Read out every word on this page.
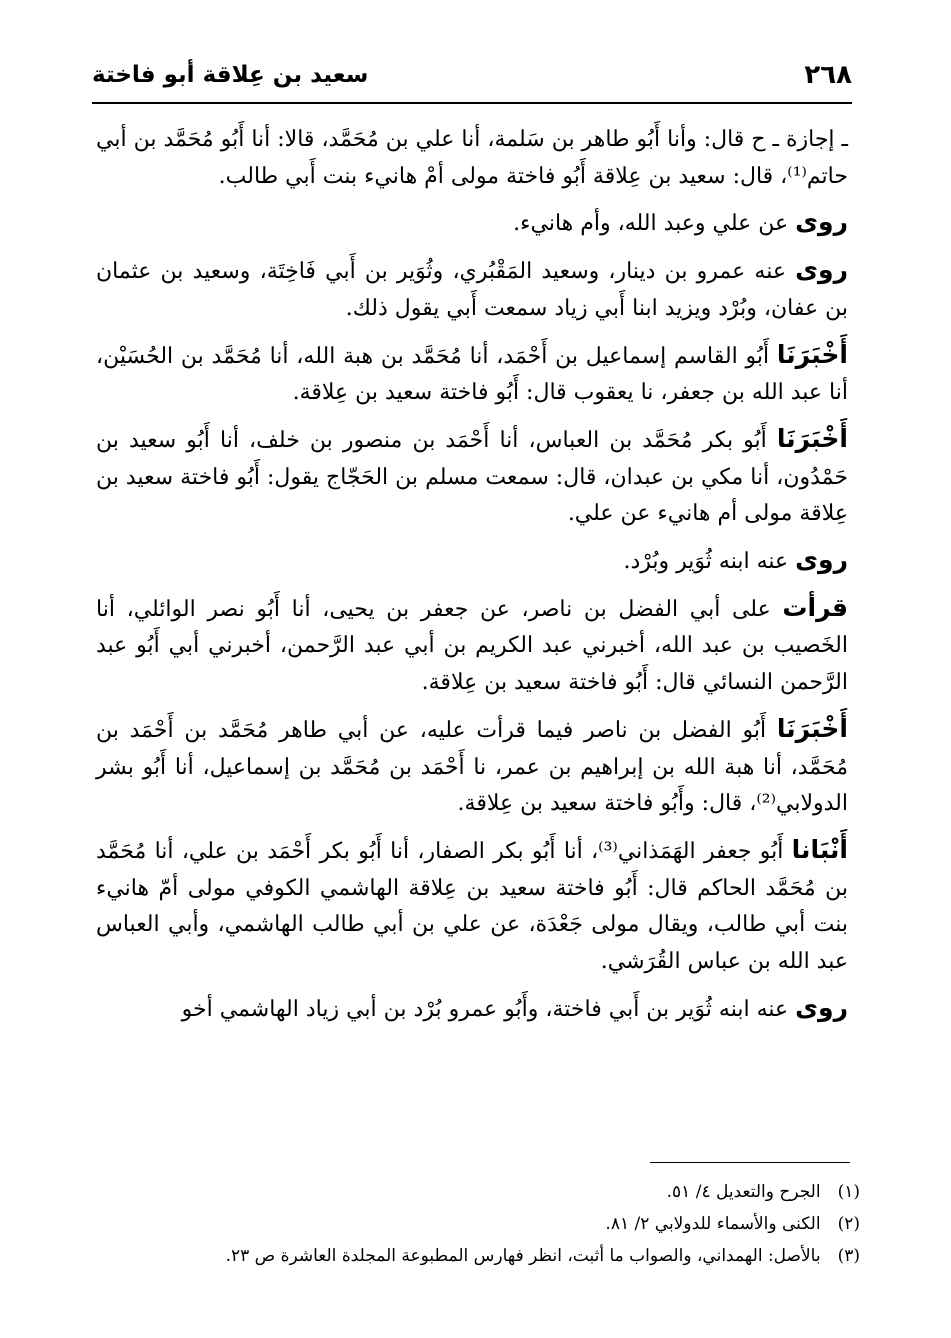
٢٦٨
سعيد بن عِلاقة أبو فاختة

ـ إجازة ـ ح قال: وأنا أَبُو طاهر بن سَلمة، أنا علي بن مُحَمَّد، قالا: أنا أَبُو مُحَمَّد بن أبي حاتم⁽¹⁾، قال: سعيد بن عِلاقة أَبُو فاختة مولى أمْ هانيء بنت أَبي طالب.

روى عن علي وعبد الله، وأم هانيء.

روى عنه عمرو بن دينار، وسعيد المَقْبُري، وثُوَير بن أَبي فَاخِتَة، وسعيد بن عثمان بن عفان، وبُرْد ويزيد ابنا أَبي زياد سمعت أَبي يقول ذلك.

أَخْبَرَنَا أَبُو القاسم إسماعيل بن أَحْمَد، أنا مُحَمَّد بن هبة الله، أنا مُحَمَّد بن الحُسَيْن، أنا عبد الله بن جعفر، نا يعقوب قال: أَبُو فاختة سعيد بن عِلاقة.

أَخْبَرَنَا أَبُو بكر مُحَمَّد بن العباس، أنا أَحْمَد بن منصور بن خلف، أنا أَبُو سعيد بن حَمْدُون، أنا مكي بن عبدان، قال: سمعت مسلم بن الحَجّاج يقول: أَبُو فاختة سعيد بن عِلاقة مولى أم هانيء عن علي.

روى عنه ابنه ثُوَير وبُرْد.

قرأت على أبي الفضل بن ناصر، عن جعفر بن يحيى، أنا أَبُو نصر الوائلي، أنا الخَصيب بن عبد الله، أخبرني عبد الكريم بن أبي عبد الرَّحمن، أخبرني أبي أَبُو عبد الرَّحمن النسائي قال: أَبُو فاختة سعيد بن عِلاقة.

أَخْبَرَنَا أَبُو الفضل بن ناصر فيما قرأت عليه، عن أبي طاهر مُحَمَّد بن أَحْمَد بن مُحَمَّد، أنا هبة الله بن إبراهيم بن عمر، نا أَحْمَد بن مُحَمَّد بن إسماعيل، أنا أَبُو بشر الدولابي⁽²⁾، قال: وأَبُو فاختة سعيد بن عِلاقة.

أَنْبَانا أَبُو جعفر الهَمَذاني⁽³⁾، أنا أَبُو بكر الصفار، أنا أَبُو بكر أَحْمَد بن علي، أنا مُحَمَّد بن مُحَمَّد الحاكم قال: أَبُو فاختة سعيد بن عِلاقة الهاشمي الكوفي مولى أمّ هانيء بنت أبي طالب، ويقال مولى جَعْدَة، عن علي بن أبي طالب الهاشمي، وأبي العباس عبد الله بن عباس القُرَشي.

روى عنه ابنه ثُوَير بن أَبي فاختة، وأَبُو عمرو بُرْد بن أبي زياد الهاشمي أخو

(١) الجرح والتعديل ٤/ ٥١.
(٢) الكنى والأسماء للدولابي ٢/ ٨١.
(٣) بالأصل: الهمداني، والصواب ما أثبت، انظر فهارس المطبوعة المجلدة العاشرة ص ٢٣.
